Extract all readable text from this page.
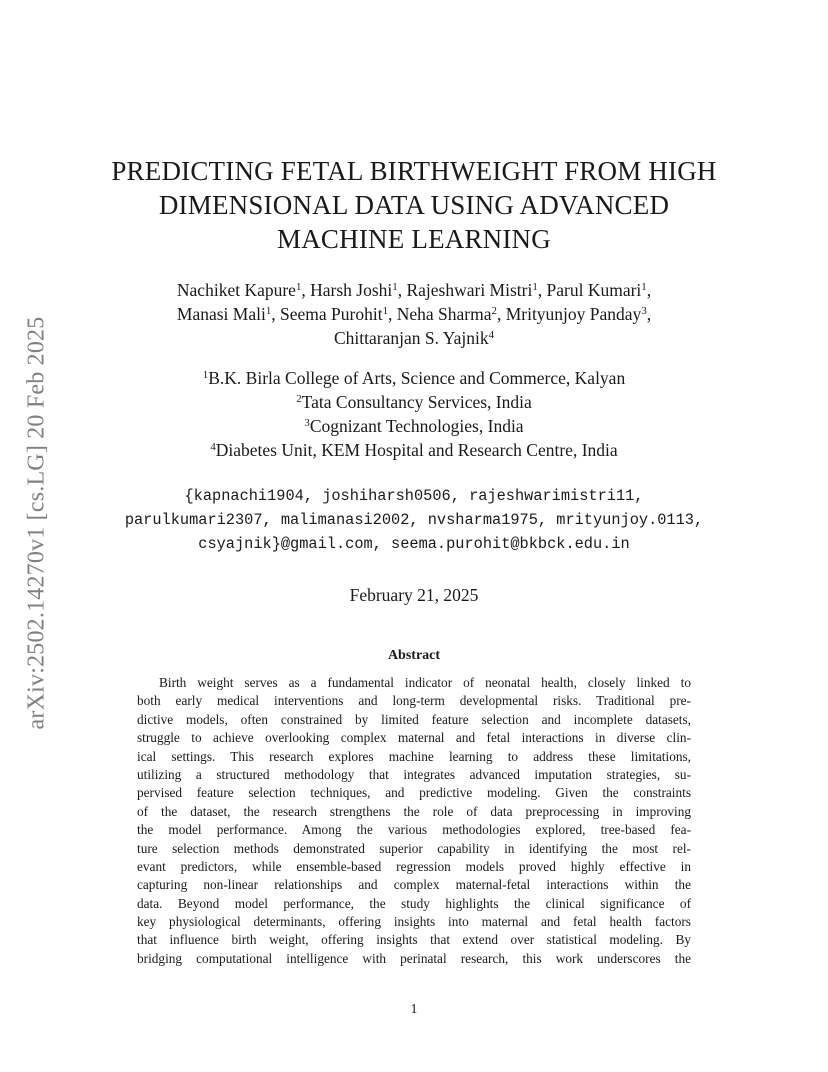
arXiv:2502.14270v1 [cs.LG] 20 Feb 2025
PREDICTING FETAL BIRTHWEIGHT FROM HIGH
DIMENSIONAL DATA USING ADVANCED
MACHINE LEARNING
Nachiket Kapure$^1$, Harsh Joshi$^1$, Rajeshwari Mistri$^1$, Parul Kumari$^1$,
Manasi Mali$^1$, Seema Purohit$^1$, Neha Sharma$^2$, Mrityunjoy Panday$^3$,
Chittaranjan S. Yajnik$^4$
$^1$B.K. Birla College of Arts, Science and Commerce, Kalyan
$^2$Tata Consultancy Services, India
$^3$Cognizant Technologies, India
$^4$Diabetes Unit, KEM Hospital and Research Centre, India
{kapnachi1904, joshiharsh0506, rajeshwarimistri11,
parulkumari2307, malimanasi2002, nvsharma1975, mrityunjoy.0113,
csyajnik}@gmail.com, seema.purohit@bkbck.edu.in
February 21, 2025
Abstract
Birth weight serves as a fundamental indicator of neonatal health, closely linked to
both early medical interventions and long-term developmental risks. Traditional pre-
dictive models, often constrained by limited feature selection and incomplete datasets,
struggle to achieve overlooking complex maternal and fetal interactions in diverse clin-
ical settings. This research explores machine learning to address these limitations,
utilizing a structured methodology that integrates advanced imputation strategies, su-
pervised feature selection techniques, and predictive modeling. Given the constraints
of the dataset, the research strengthens the role of data preprocessing in improving
the model performance. Among the various methodologies explored, tree-based fea-
ture selection methods demonstrated superior capability in identifying the most rel-
evant predictors, while ensemble-based regression models proved highly effective in
capturing non-linear relationships and complex maternal-fetal interactions within the
data. Beyond model performance, the study highlights the clinical significance of
key physiological determinants, offering insights into maternal and fetal health factors
that influence birth weight, offering insights that extend over statistical modeling. By
bridging computational intelligence with perinatal research, this work underscores the
1
